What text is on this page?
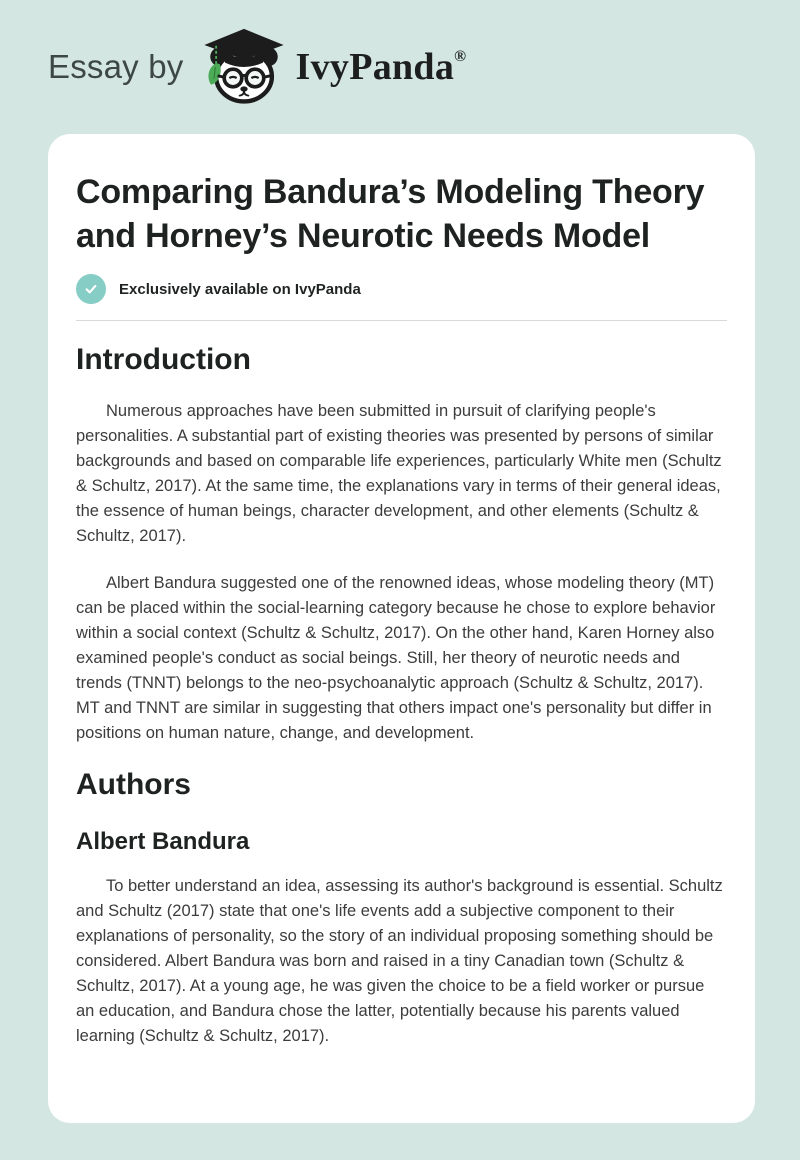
Essay by	IvyPanda®
Comparing Bandura’s Modeling Theory and Horney’s Neurotic Needs Model
Exclusively available on IvyPanda
Introduction

Numerous approaches have been submitted in pursuit of clarifying people's personalities. A substantial part of existing theories was presented by persons of similar backgrounds and based on comparable life experiences, particularly White men (Schultz & Schultz, 2017). At the same time, the explanations vary in terms of their general ideas, the essence of human beings, character development, and other elements (Schultz & Schultz, 2017).

Albert Bandura suggested one of the renowned ideas, whose modeling theory (MT) can be placed within the social-learning category because he chose to explore behavior within a social context (Schultz & Schultz, 2017). On the other hand, Karen Horney also examined people's conduct as social beings. Still, her theory of neurotic needs and trends (TNNT) belongs to the neo-psychoanalytic approach (Schultz & Schultz, 2017). MT and TNNT are similar in suggesting that others impact one's personality but differ in positions on human nature, change, and development.

Authors
Albert Bandura

To better understand an idea, assessing its author's background is essential. Schultz and Schultz (2017) state that one's life events add a subjective component to their explanations of personality, so the story of an individual proposing something should be considered. Albert Bandura was born and raised in a tiny Canadian town (Schultz & Schultz, 2017). At a young age, he was given the choice to be a field worker or pursue an education, and Bandura chose the latter, potentially because his parents valued learning (Schultz & Schultz, 2017).
